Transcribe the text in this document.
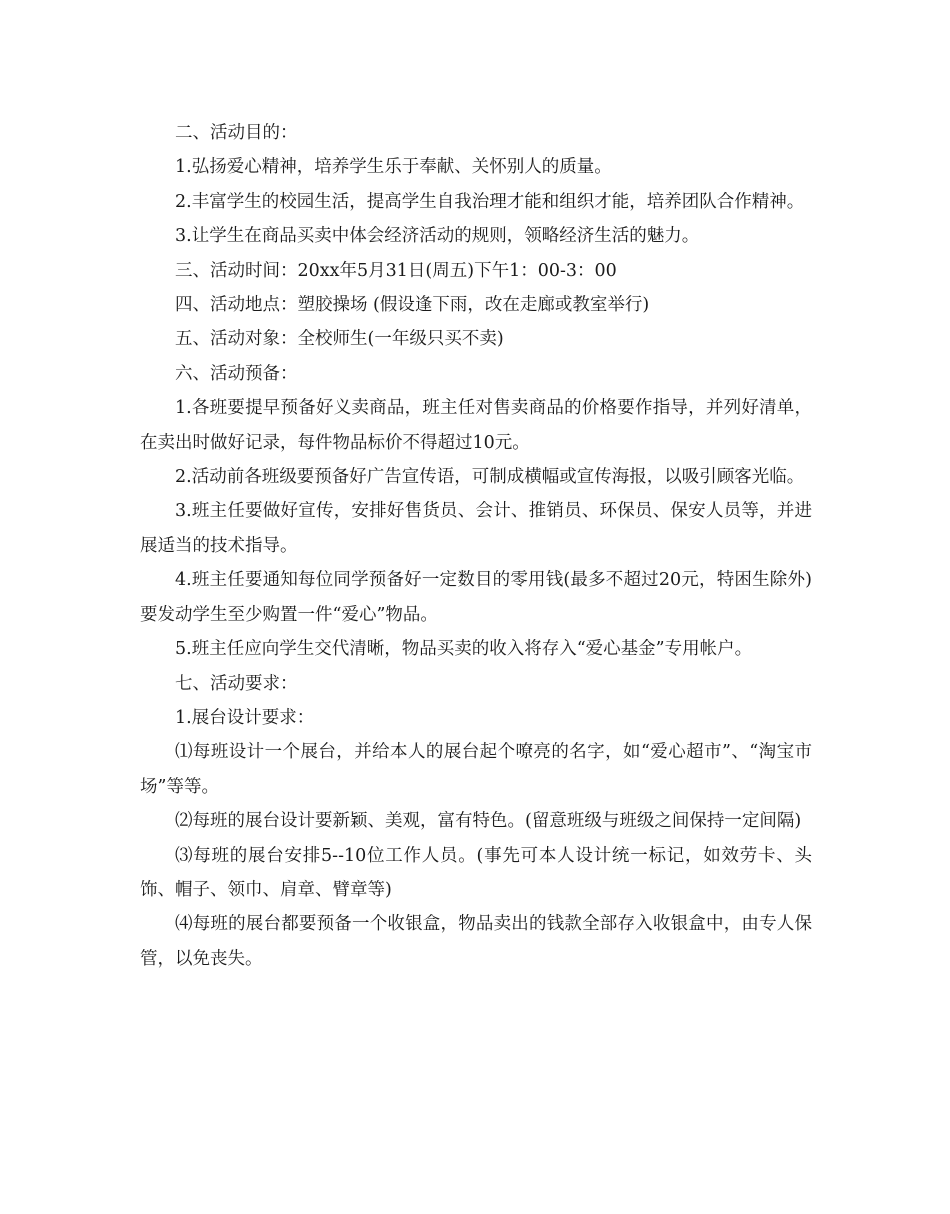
二、活动目的：

1.弘扬爱心精神，培养学生乐于奉献、关怀别人的质量。

2.丰富学生的校园生活，提高学生自我治理才能和组织才能，培养团队合作精神。

3.让学生在商品买卖中体会经济活动的规则，领略经济生活的魅力。

三、活动时间：20xx年5月31日(周五)下午1：00-3：00

四、活动地点：塑胶操场 (假设逢下雨，改在走廊或教室举行)

五、活动对象：全校师生(一年级只买不卖)

六、活动预备：

1.各班要提早预备好义卖商品，班主任对售卖商品的价格要作指导，并列好清单，在卖出时做好记录，每件物品标价不得超过10元。

2.活动前各班级要预备好广告宣传语，可制成横幅或宣传海报，以吸引顾客光临。

3.班主任要做好宣传，安排好售货员、会计、推销员、环保员、保安人员等，并进展适当的技术指导。

4.班主任要通知每位同学预备好一定数目的零用钱(最多不超过20元，特困生除外)要发动学生至少购置一件“爱心”物品。

5.班主任应向学生交代清晰，物品买卖的收入将存入“爱心基金”专用帐户。

七、活动要求：

1.展台设计要求：

⑴每班设计一个展台，并给本人的展台起个嘹亮的名字，如“爱心超市”、“淘宝市场”等等。

⑵每班的展台设计要新颖、美观，富有特色。(留意班级与班级之间保持一定间隔)

⑶每班的展台安排5--10位工作人员。(事先可本人设计统一标记，如效劳卡、头饰、帽子、领巾、肩章、臂章等)

⑷每班的展台都要预备一个收银盒，物品卖出的钱款全部存入收银盒中，由专人保管，以免丧失。
